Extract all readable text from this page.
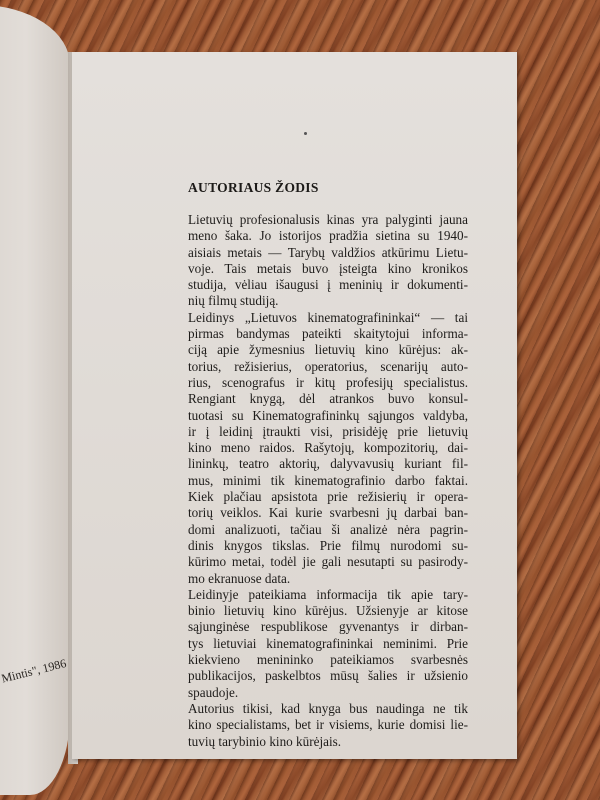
Mintis", 1986
AUTORIAUS ŽODIS
Lietuvių profesionalusis kinas yra palyginti jauna
meno šaka. Jo istorijos pradžia sietina su 1940-
aisiais metais — Tarybų valdžios atkūrimu Lietu-
voje. Tais metais buvo įsteigta kino kronikos
studija, vėliau išaugusi į meninių ir dokumenti-
nių filmų studiją.
Leidinys „Lietuvos kinematografininkai“ — tai
pirmas bandymas pateikti skaitytojui informa-
ciją apie žymesnius lietuvių kino kūrėjus: ak-
torius, režisierius, operatorius, scenarijų auto-
rius, scenografus ir kitų profesijų specialistus.
Rengiant knygą, dėl atrankos buvo konsul-
tuotasi su Kinematografininkų sąjungos valdyba,
ir į leidinį įtraukti visi, prisidėję prie lietuvių
kino meno raidos. Rašytojų, kompozitorių, dai-
lininkų, teatro aktorių, dalyvavusių kuriant fil-
mus, minimi tik kinematografinio darbo faktai.
Kiek plačiau apsistota prie režisierių ir opera-
torių veiklos. Kai kurie svarbesni jų darbai ban-
domi analizuoti, tačiau ši analizė nėra pagrin-
dinis knygos tikslas. Prie filmų nurodomi su-
kūrimo metai, todėl jie gali nesutapti su pasirody-
mo ekranuose data.
Leidinyje pateikiama informacija tik apie tary-
binio lietuvių kino kūrėjus. Užsienyje ar kitose
sąjunginėse respublikose gyvenantys ir dirban-
tys lietuviai kinematografininkai neminimi. Prie
kiekvieno menininko pateikiamos svarbesnės
publikacijos, paskelbtos mūsų šalies ir užsienio
spaudoje.
Autorius tikisi, kad knyga bus naudinga ne tik
kino specialistams, bet ir visiems, kurie domisi lie-
tuvių tarybinio kino kūrėjais.
